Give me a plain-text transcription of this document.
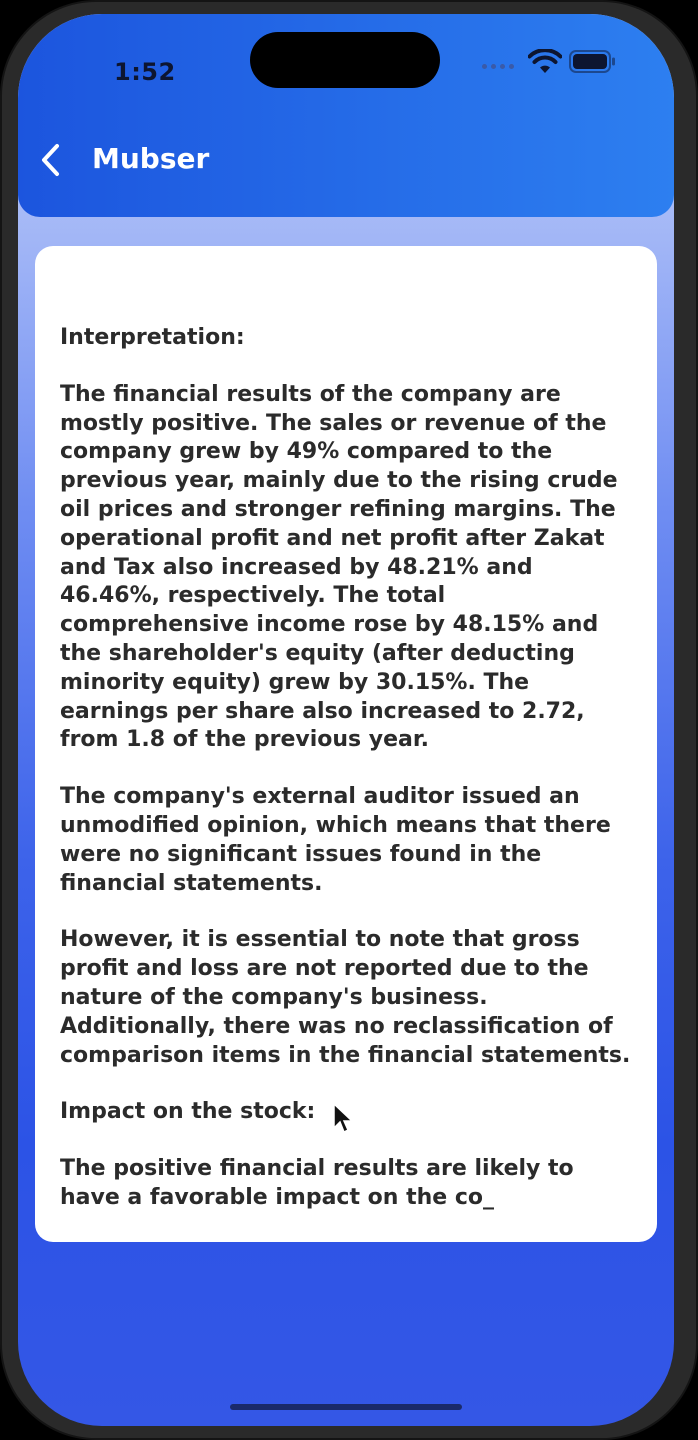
1:52
Mubser

Interpretation:

The financial results of the company are mostly positive. The sales or revenue of the company grew by 49% compared to the previous year, mainly due to the rising crude oil prices and stronger refining margins. The operational profit and net profit after Zakat and Tax also increased by 48.21% and 46.46%, respectively. The total comprehensive income rose by 48.15% and the shareholder's equity (after deducting minority equity) grew by 30.15%. The earnings per share also increased to 2.72, from 1.8 of the previous year.

The company's external auditor issued an unmodified opinion, which means that there were no significant issues found in the financial statements.

However, it is essential to note that gross profit and loss are not reported due to the nature of the company's business. Additionally, there was no reclassification of comparison items in the financial statements.

Impact on the stock:

The positive financial results are likely to have a favorable impact on the co_
